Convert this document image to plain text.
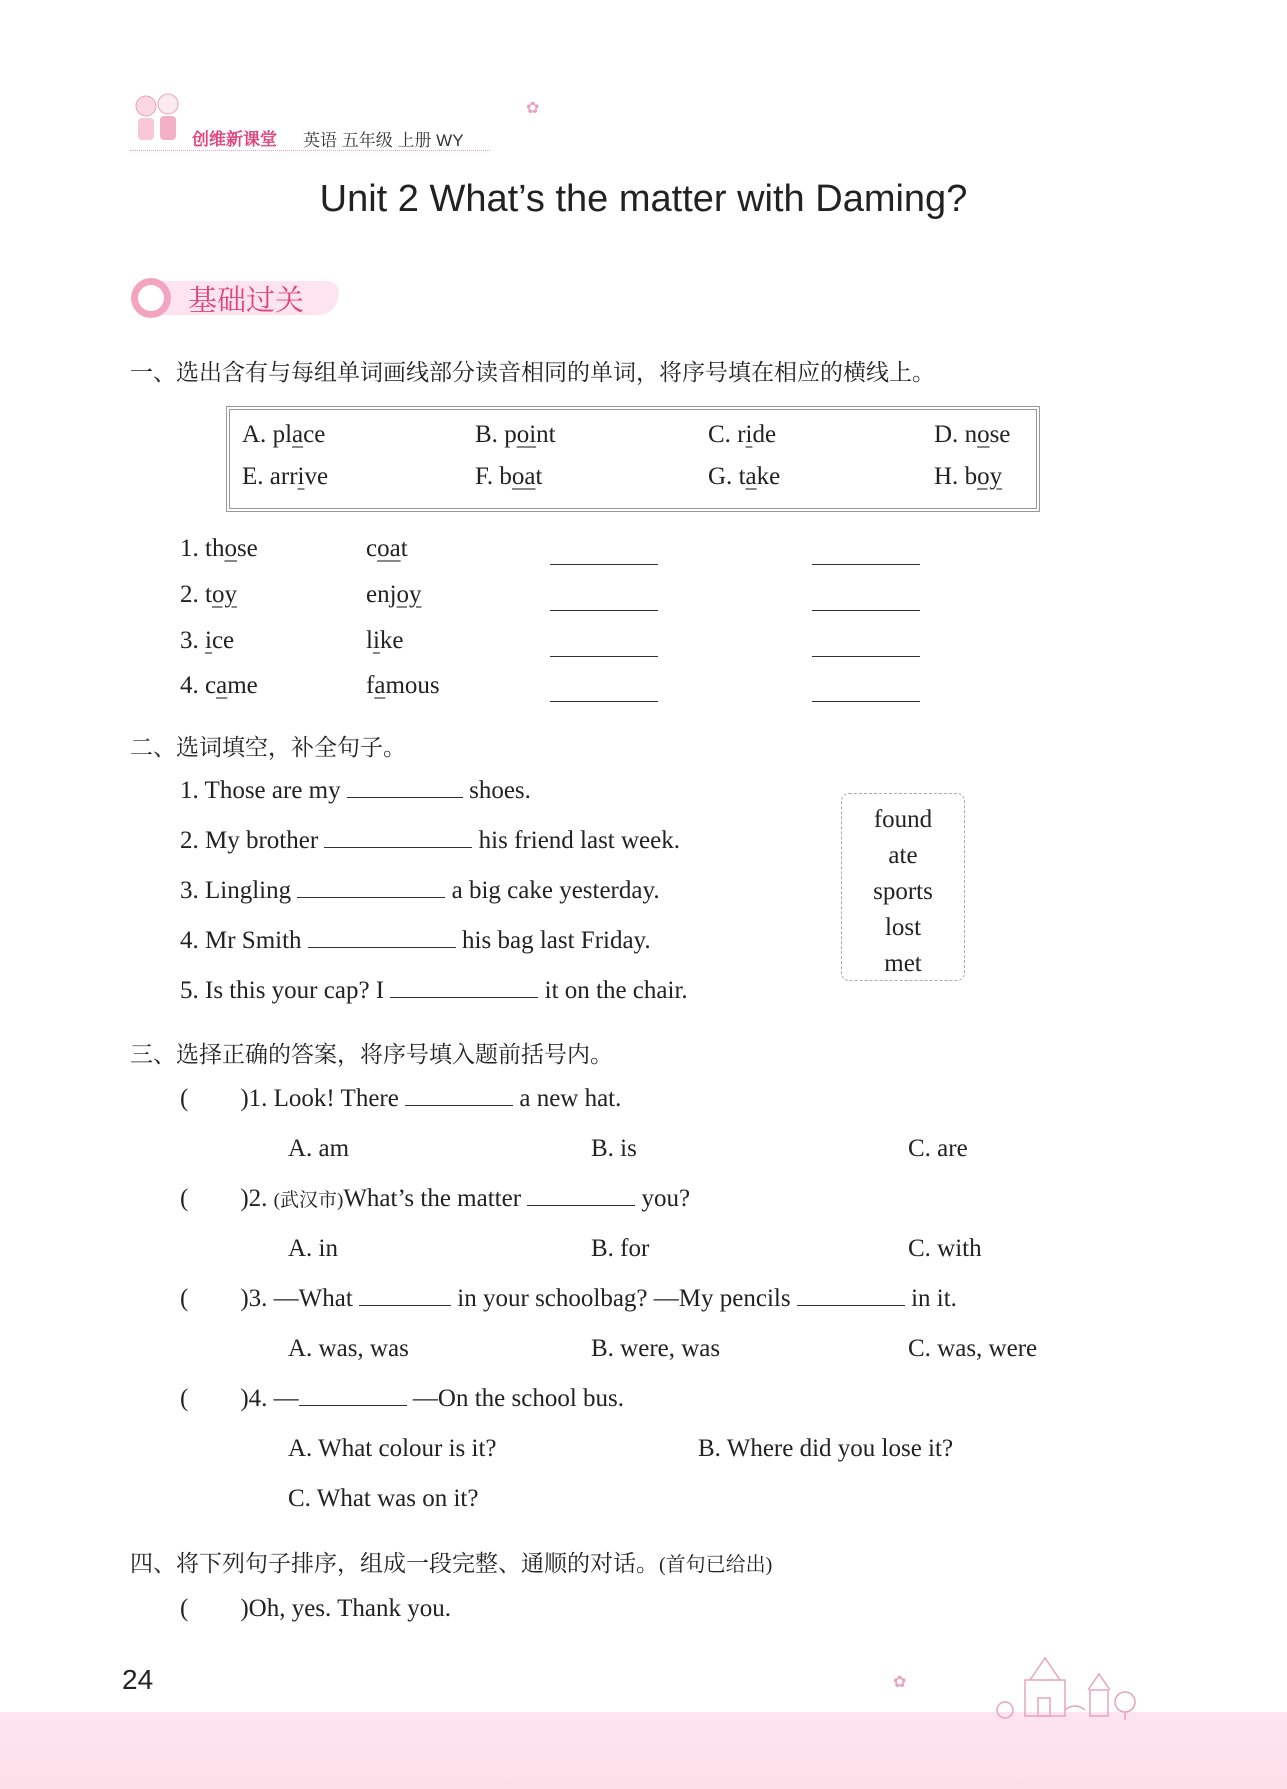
创维新课堂 英语 五年级 上册 WY
✿
Unit 2 What’s the matter with Daming?
基础过关
一、选出含有与每组单词画线部分读音相同的单词，将序号填在相应的横线上。
A. place	B. point	C. ride	D. nose
E. arrive	F. boat	G. take	H. boy
1. those	coat
2. toy	enjoy
3. ice	like
4. came	famous
二、选词填空，补全句子。
1. Those are my	shoes.
2. My brother	his friend last week.
3. Lingling	a big cake yesterday.
4. Mr Smith	his bag last Friday.
5. Is this your cap? I	it on the chair.
found
ate
sports
lost
met
三、选择正确的答案，将序号填入题前括号内。
( )1. Look! There	a new hat.
A. am	B. is	C. are
( )2. (武汉市)What’s the matter	you?
A. in	B. for	C. with
( )3. —What	in your schoolbag? —My pencils	in it.
A. was, was	B. were, was	C. was, were
( )4. —	—On the school bus.
A. What colour is it?	B. Where did you lose it?
C. What was on it?
四、将下列句子排序，组成一段完整、通顺的对话。(首句已给出)
( )Oh, yes. Thank you.
24	✿
